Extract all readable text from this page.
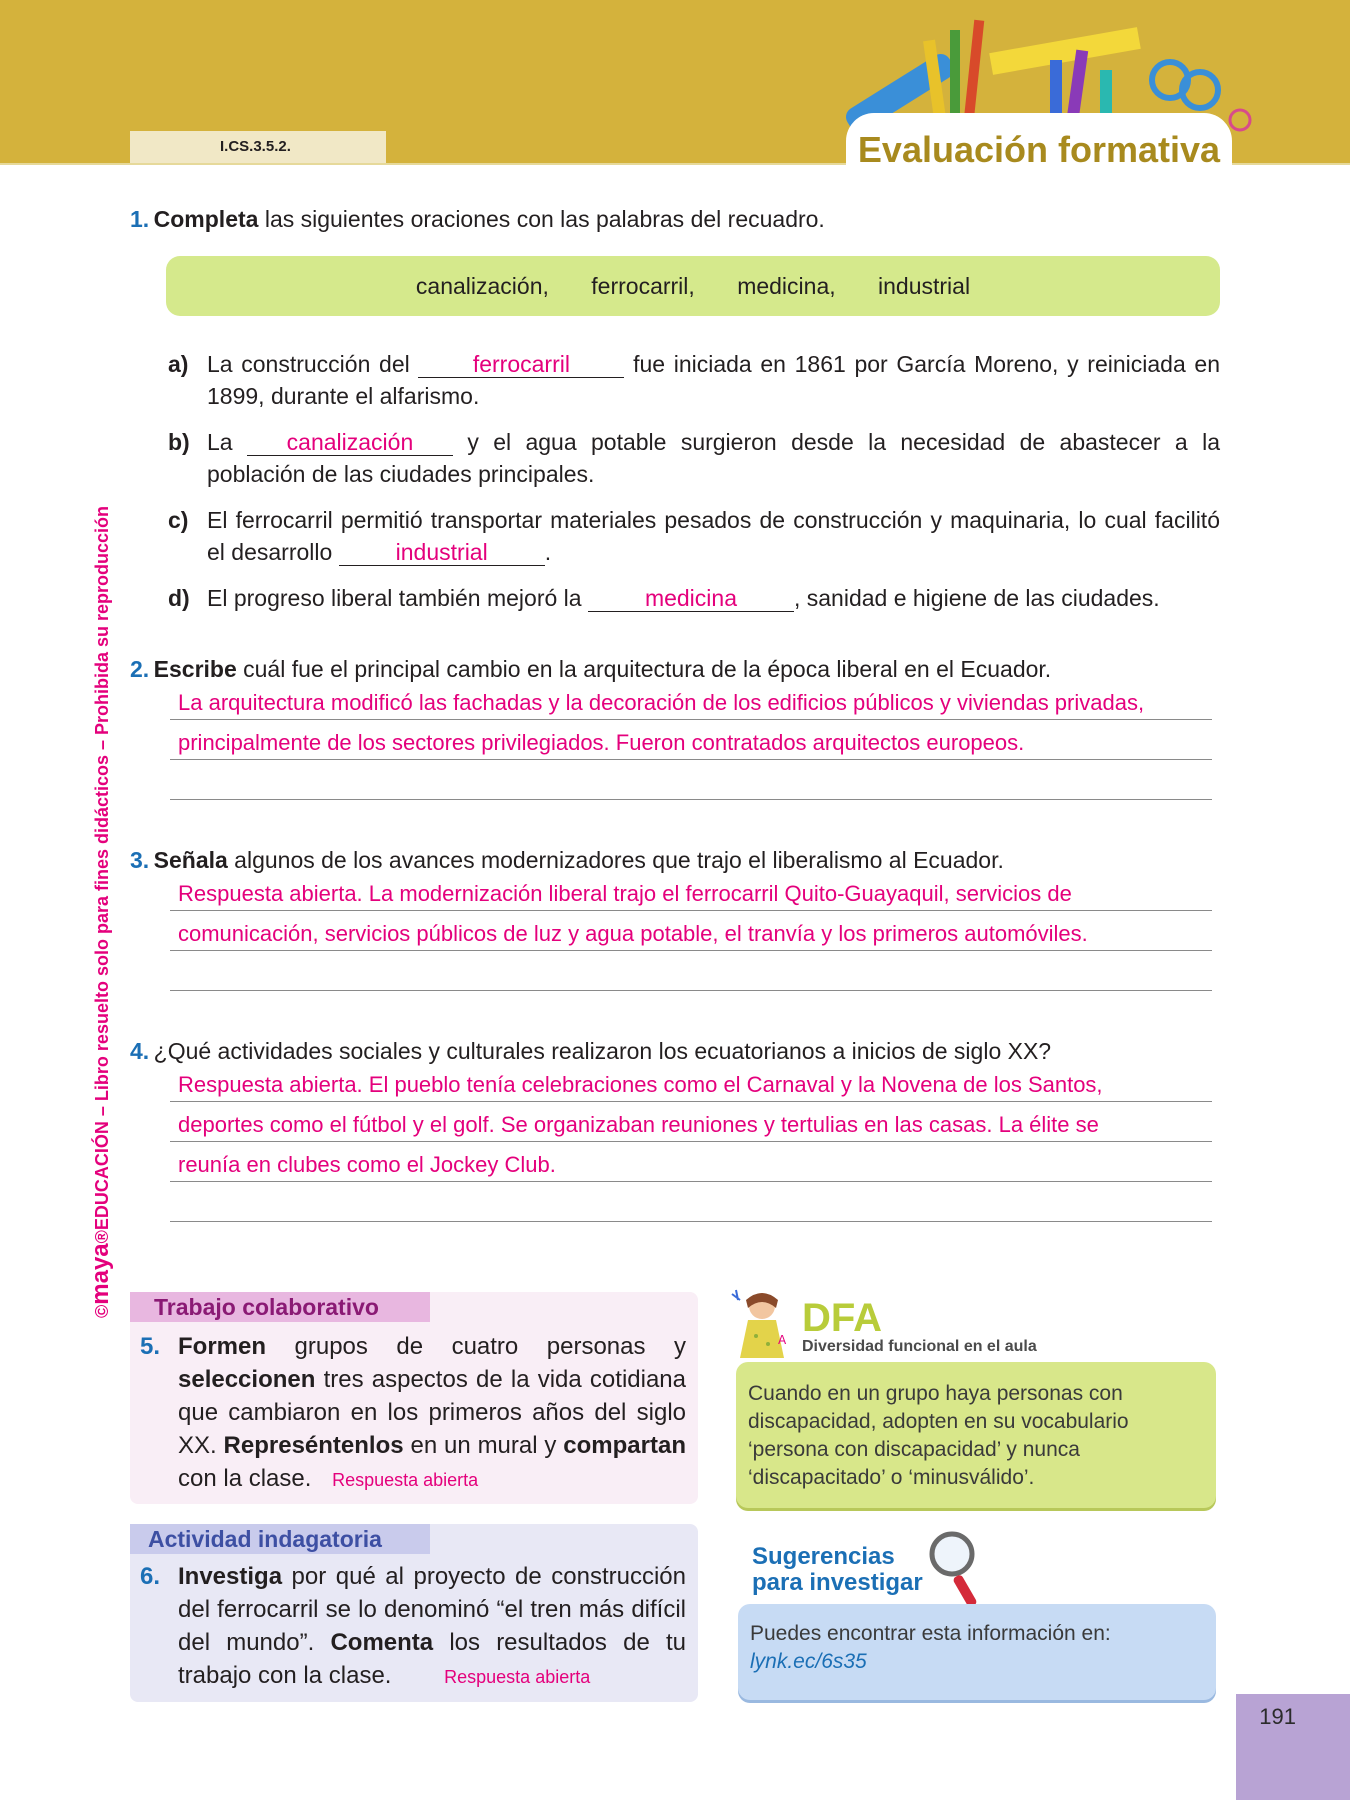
I.CS.3.5.2.	Evaluación formativa
©maya®EDUCACIÓN – Libro resuelto solo para fines didácticos – Prohibida su reproducción
1. Completa las siguientes oraciones con las palabras del recuadro.
canalización, ferrocarril, medicina, industrial
a) La construcción del ferrocarril fue iniciada en 1861 por García Moreno, y reiniciada en 1899, durante el alfarismo.
b) La canalización y el agua potable surgieron desde la necesidad de abastecer a la población de las ciudades principales.
c) El ferrocarril permitió transportar materiales pesados de construcción y maquinaria, lo cual facilitó el desarrollo industrial .
d) El progreso liberal también mejoró la medicina , sanidad e higiene de las ciudades.
2. Escribe cuál fue el principal cambio en la arquitectura de la época liberal en el Ecuador.
La arquitectura modificó las fachadas y la decoración de los edificios públicos y viviendas privadas,
principalmente de los sectores privilegiados. Fueron contratados arquitectos europeos.
3. Señala algunos de los avances modernizadores que trajo el liberalismo al Ecuador.
Respuesta abierta. La modernización liberal trajo el ferrocarril Quito-Guayaquil, servicios de
comunicación, servicios públicos de luz y agua potable, el tranvía y los primeros automóviles.
4. ¿Qué actividades sociales y culturales realizaron los ecuatorianos a inicios de siglo XX?
Respuesta abierta. El pueblo tenía celebraciones como el Carnaval y la Novena de los Santos,
deportes como el fútbol y el golf. Se organizaban reuniones y tertulias en las casas. La élite se
reunía en clubes como el Jockey Club.
Trabajo colaborativo
5. Formen grupos de cuatro personas y seleccionen tres aspectos de la vida cotidiana que cambiaron en los primeros años del siglo XX. Represéntenlos en un mural y compartan con la clase. Respuesta abierta
Actividad indagatoria
6. Investiga por qué al proyecto de construcción del ferrocarril se lo denominó “el tren más difícil del mundo”. Comenta los resultados de tu trabajo con la clase.	Respuesta abierta
A DFA
Diversidad funcional en el aula
Cuando en un grupo haya personas con discapacidad, adopten en su vocabulario ‘persona con discapacidad’ y nunca ‘discapacitado’ o ‘minusválido’.
Sugerencias
para investigar
Puedes encontrar esta información en:
lynk.ec/6s35
191
